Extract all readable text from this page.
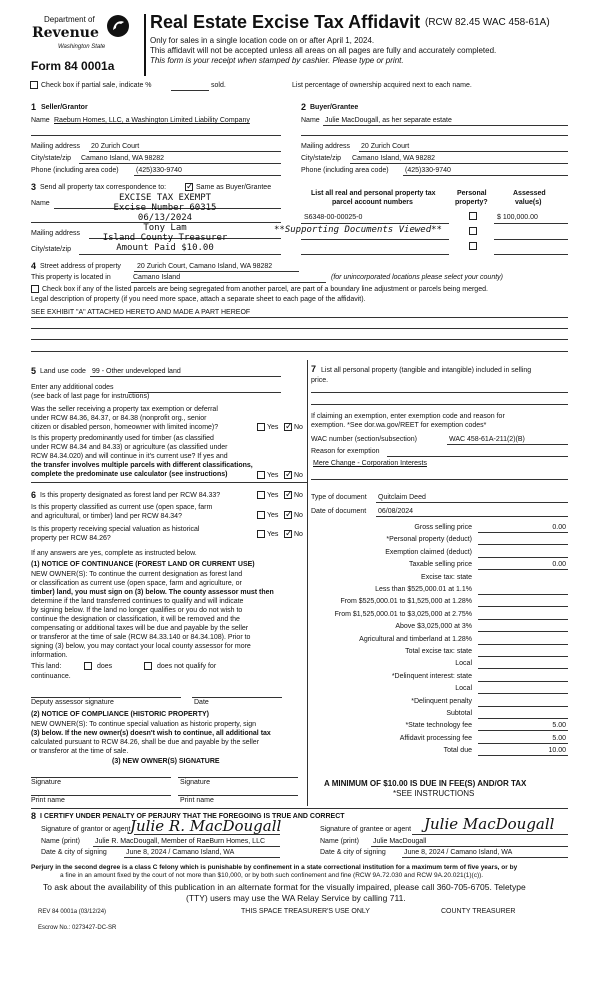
Department of
Revenue
Washington State
Form 84 0001a
Real Estate Excise Tax Affidavit (RCW 82.45 WAC 458-61A)
Only for sales in a single location code on or after April 1, 2024.
This affidavit will not be accepted unless all areas on all pages are fully and accurately completed.
This form is your receipt when stamped by cashier. Please type or print.
Check box if partial sale, indicate %	sold.	List percentage of ownership acquired next to each name.
1 Seller/Grantor
Name Raeburn Homes, LLC, a Washington Limited Liability Company
Mailing address 20 Zurich Court
City/state/zip Camano Island, WA 98282
Phone (including area code) (425)330-9740
2 Buyer/Grantee
Name Julie MacDougall, as her separate estate
Mailing address 20 Zurich Court
City/state/zip Camano Island, WA 98282
Phone (including area code) (425)330-9740
3 Send all property tax correspondence to: ✓	Same as Buyer/Grantee
Name
Mailing address
City/state/zip
EXCISE TAX EXEMPT
Excise Number 60315
06/13/2024
Tony Lam
Island County Treasurer
Amount Paid $10.00
**Supporting Documents Viewed**
List all real and personal property tax
parcel account numbers
Personal
property?
Assessed
value(s)
S6348-00-00025-0	$ 100,000.00
4 Street address of property 20 Zurich Court, Camano Island, WA 98282
This property is located in	Camano Island	(for unincorporated locations please select your county)
Check box if any of the listed parcels are being segregated from another parcel, are part of a boundary line adjustment or parcels being merged.
Legal description of property (if you need more space, attach a separate sheet to each page of the affidavit).
SEE EXHIBIT "A" ATTACHED HERETO AND MADE A PART HEREOF
5 Land use code 99 - Other undeveloped land
Enter any additional codes
(see back of last page for instructions)
Was the seller receiving a property tax exemption or deferral
under RCW 84.36, 84.37, or 84.38 (nonprofit org., senior
citizen or disabled person, homeowner with limited income)?	Yes ✓ No
Is this property predominantly used for timber (as classified
under RCW 84.34 and 84.33) or agriculture (as classified under
RCW 84.34.020) and will continue in it's current use? If yes and
the transfer involves multiple parcels with different classifications,
complete the predominate use calculator (see instructions)	Yes ✓ No
7 List all personal property (tangible and intangible) included in selling
price.
If claiming an exemption, enter exemption code and reason for
exemption. *See dor.wa.gov/REET for exemption codes*
WAC number (section/subsection)	WAC 458-61A-211(2)(B)
Reason for exemption
Mere Change - Corporation Interests
6 Is this property designated as forest land per RCW 84.33?	Yes ✓ No
Is this property classified as current use (open space, farm
and agricultural, or timber) land per RCW 84.34?	Yes ✓ No
Is this property receiving special valuation as historical
property per RCW 84.26?
Yes ✓ No
If any answers are yes, complete as instructed below.
(1) NOTICE OF CONTINUANCE (FOREST LAND OR CURRENT USE)
NEW OWNER(S): To continue the current designation as forest land
or classification as current use (open space, farm and agriculture, or
timber) land, you must sign on (3) below. The county assessor must then
determine if the land transferred continues to qualify and will indicate
by signing below. If the land no longer qualifies or you do not wish to
continue the designation or classification, it will be removed and the
compensating or additional taxes will be due and payable by the seller
or transferor at the time of sale (RCW 84.33.140 or 84.34.108). Prior to
signing (3) below, you may contact your local county assessor for more
information.
This land:	does	does not qualify for
continuance.
Deputy assessor signature	Date
(2) NOTICE OF COMPLIANCE (HISTORIC PROPERTY)
NEW OWNER(S): To continue special valuation as historic property, sign
(3) below. If the new owner(s) doesn't wish to continue, all additional tax
calculated pursuant to RCW 84.26, shall be due and payable by the seller
or transferor at the time of sale.
(3) NEW OWNER(S) SIGNATURE
Signature	Signature
Print name	Print name
Type of document Quitclaim Deed
Date of document 06/08/2024
Gross selling price	0.00
*Personal property (deduct)
Exemption claimed (deduct)
Taxable selling price	0.00
Excise tax: state
Less than $525,000.01 at 1.1%
From $525,000.01 to $1,525,000 at 1.28%
From $1,525,000.01 to $3,025,000 at 2.75%
Above $3,025,000 at 3%
Agricultural and timberland at 1.28%
Total excise tax: state
Local
*Delinquent interest: state
Local
*Delinquent penalty
Subtotal
*State technology fee	5.00
Affidavit processing fee	5.00
Total due	10.00
A MINIMUM OF $10.00 IS DUE IN FEE(S) AND/OR TAX
*SEE INSTRUCTIONS
8 I CERTIFY UNDER PENALTY OF PERJURY THAT THE FOREGOING IS TRUE AND CORRECT
Signature of grantor or agent Julie R. MacDougall	Signature of grantee or agent Julie MacDougall
Name (print) Julie R. MacDougall, Member of RaeBurn Homes, LLC	Name (print) Julie MacDougall
Date & city of signing	June 8, 2024 / Camano Island, WA	Date & city of signing	June 8, 2024 / Camano Island, WA
Perjury in the second degree is a class C felony which is punishable by confinement in a state correctional institution for a maximum term of five years, or by
a fine in an amount fixed by the court of not more than $10,000, or by both such confinement and fine (RCW 9A.72.030 and RCW 9A.20.021(1)(c)).
To ask about the availability of this publication in an alternate format for the visually impaired, please call 360-705-6705. Teletype
(TTY) users may use the WA Relay Service by calling 711.
REV 84 0001a (03/12/24)	THIS SPACE TREASURER'S USE ONLY	COUNTY TREASURER
Escrow No.: 0273427-DC-SR
